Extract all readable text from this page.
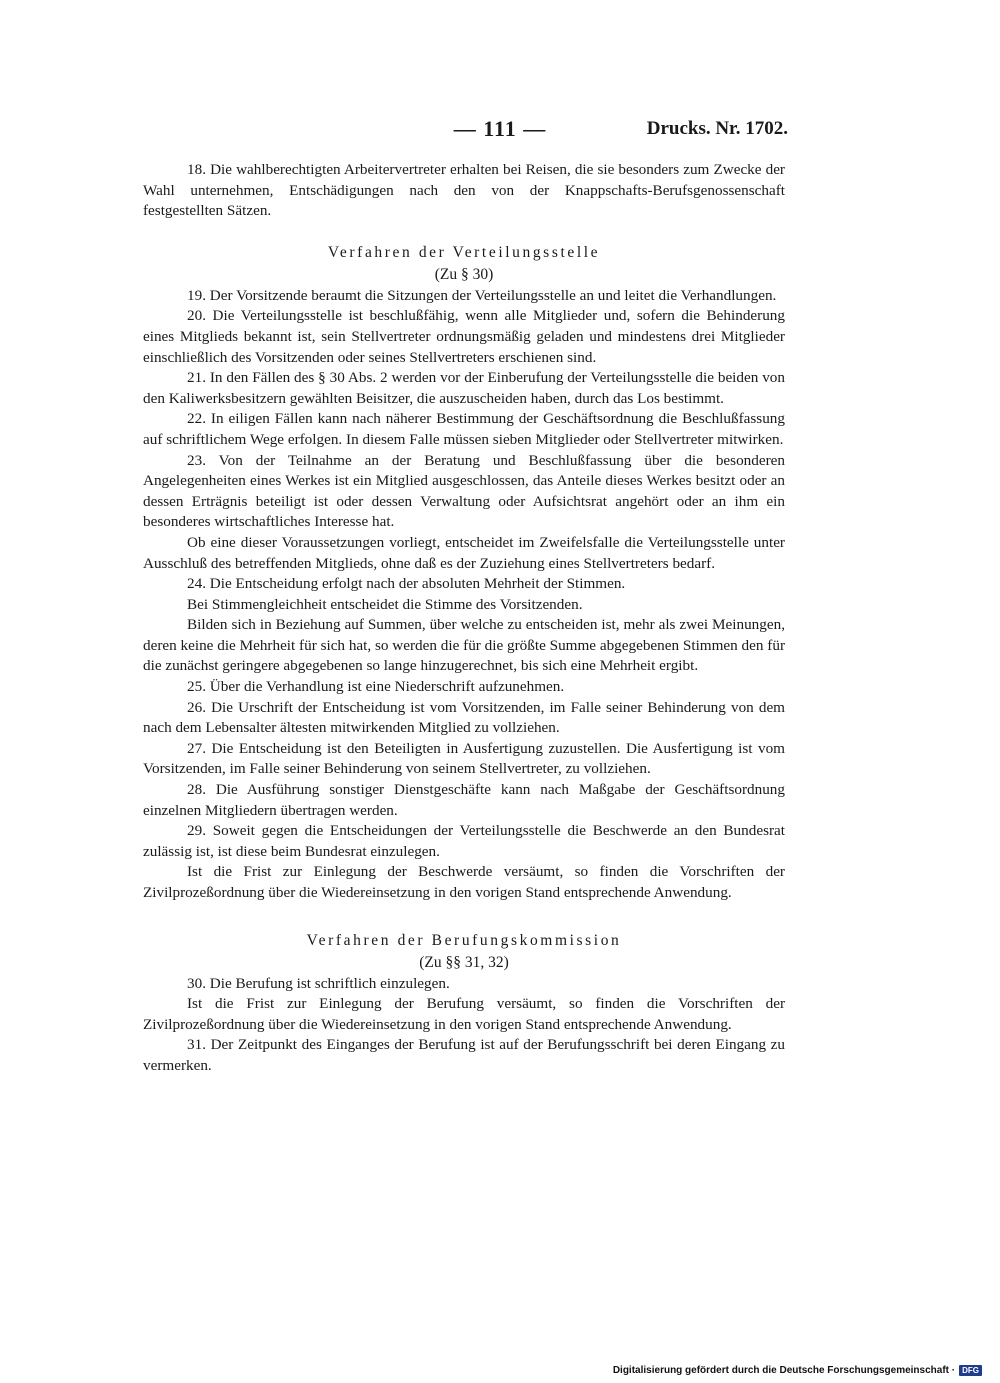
— 111 —	Drucks. Nr. 1702.

18. Die wahlberechtigten Arbeitervertreter erhalten bei Reisen, die sie besonders zum Zwecke der Wahl unternehmen, Entschädigungen nach den von der Knappschafts-Berufsgenossenschaft festgestellten Sätzen.

Verfahren der Verteilungsstelle

(Zu § 30)

19. Der Vorsitzende beraumt die Sitzungen der Verteilungsstelle an und leitet die Verhandlungen.

20. Die Verteilungsstelle ist beschlußfähig, wenn alle Mitglieder und, sofern die Behinderung eines Mitglieds bekannt ist, sein Stellvertreter ordnungsmäßig geladen und mindestens drei Mitglieder einschließlich des Vorsitzenden oder seines Stellvertreters erschienen sind.

21. In den Fällen des § 30 Abs. 2 werden vor der Einberufung der Verteilungsstelle die beiden von den Kaliwerksbesitzern gewählten Beisitzer, die auszuscheiden haben, durch das Los bestimmt.

22. In eiligen Fällen kann nach näherer Bestimmung der Geschäftsordnung die Beschlußfassung auf schriftlichem Wege erfolgen. In diesem Falle müssen sieben Mitglieder oder Stellvertreter mitwirken.

23. Von der Teilnahme an der Beratung und Beschlußfassung über die besonderen Angelegenheiten eines Werkes ist ein Mitglied ausgeschlossen, das Anteile dieses Werkes besitzt oder an dessen Erträgnis beteiligt ist oder dessen Verwaltung oder Aufsichtsrat angehört oder an ihm ein besonderes wirtschaftliches Interesse hat.

Ob eine dieser Voraussetzungen vorliegt, entscheidet im Zweifelsfalle die Verteilungsstelle unter Ausschluß des betreffenden Mitglieds, ohne daß es der Zuziehung eines Stellvertreters bedarf.

24. Die Entscheidung erfolgt nach der absoluten Mehrheit der Stimmen.

Bei Stimmengleichheit entscheidet die Stimme des Vorsitzenden.

Bilden sich in Beziehung auf Summen, über welche zu entscheiden ist, mehr als zwei Meinungen, deren keine die Mehrheit für sich hat, so werden die für die größte Summe abgegebenen Stimmen den für die zunächst geringere abgegebenen so lange hinzugerechnet, bis sich eine Mehrheit ergibt.

25. Über die Verhandlung ist eine Niederschrift aufzunehmen.

26. Die Urschrift der Entscheidung ist vom Vorsitzenden, im Falle seiner Behinderung von dem nach dem Lebensalter ältesten mitwirkenden Mitglied zu vollziehen.

27. Die Entscheidung ist den Beteiligten in Ausfertigung zuzustellen. Die Ausfertigung ist vom Vorsitzenden, im Falle seiner Behinderung von seinem Stellvertreter, zu vollziehen.

28. Die Ausführung sonstiger Dienstgeschäfte kann nach Maßgabe der Geschäftsordnung einzelnen Mitgliedern übertragen werden.

29. Soweit gegen die Entscheidungen der Verteilungsstelle die Beschwerde an den Bundesrat zulässig ist, ist diese beim Bundesrat einzulegen.

Ist die Frist zur Einlegung der Beschwerde versäumt, so finden die Vorschriften der Zivilprozeßordnung über die Wiedereinsetzung in den vorigen Stand entsprechende Anwendung.

Verfahren der Berufungskommission

(Zu §§ 31, 32)

30. Die Berufung ist schriftlich einzulegen.

Ist die Frist zur Einlegung der Berufung versäumt, so finden die Vorschriften der Zivilprozeßordnung über die Wiedereinsetzung in den vorigen Stand entsprechende Anwendung.

31. Der Zeitpunkt des Einganges der Berufung ist auf der Berufungsschrift bei deren Eingang zu vermerken.

Digitalisierung gefördert durch die Deutsche Forschungsgemeinschaft · DFG
